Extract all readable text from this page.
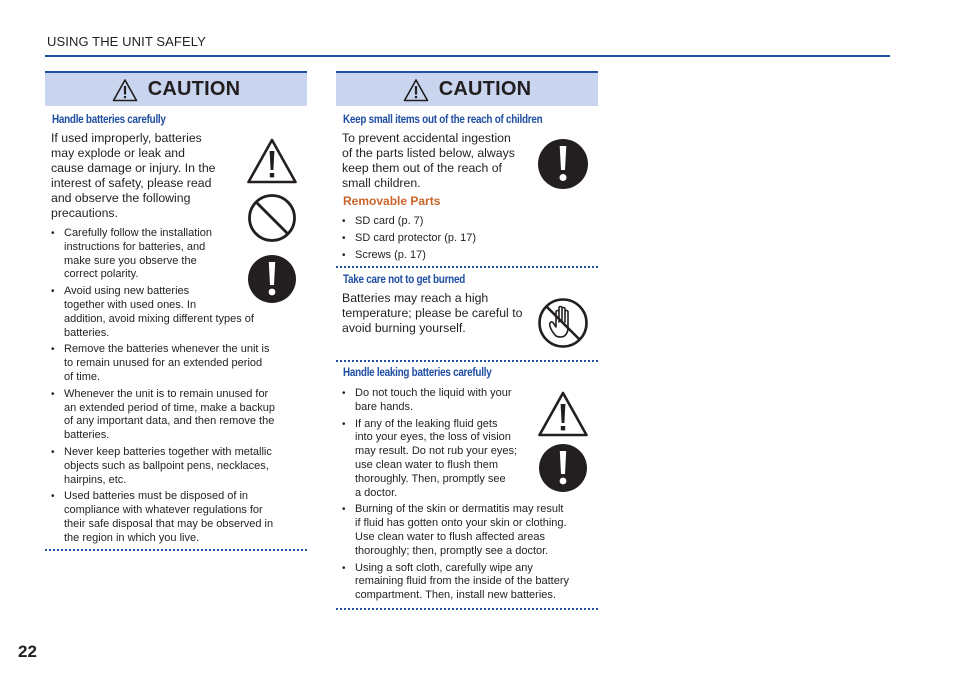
USING THE UNIT SAFELY
CAUTION
Handle batteries carefully
If used improperly, batteries
may explode or leak and
cause damage or injury. In the
interest of safety, please read
and observe the following
precautions.
• Carefully follow the installation
instructions for batteries, and
make sure you observe the
correct polarity.
• Avoid using new batteries
together with used ones. In
addition, avoid mixing different types of
batteries.
• Remove the batteries whenever the unit is
to remain unused for an extended period
of time.
• Whenever the unit is to remain unused for
an extended period of time, make a backup
of any important data, and then remove the
batteries.
• Never keep batteries together with metallic
objects such as ballpoint pens, necklaces,
hairpins, etc.
• Used batteries must be disposed of in
compliance with whatever regulations for
their safe disposal that may be observed in
the region in which you live.
CAUTION
Keep small items out of the reach of children
To prevent accidental ingestion
of the parts listed below, always
keep them out of the reach of
small children.
Removable Parts
• SD card (p. 7)
• SD card protector (p. 17)
• Screws (p. 17)
Take care not to get burned
Batteries may reach a high
temperature; please be careful to
avoid burning yourself.
Handle leaking batteries carefully
• Do not touch the liquid with your
bare hands.
• If any of the leaking fluid gets
into your eyes, the loss of vision
may result. Do not rub your eyes;
use clean water to flush them
thoroughly. Then, promptly see
a doctor.
• Burning of the skin or dermatitis may result
if fluid has gotten onto your skin or clothing.
Use clean water to flush affected areas
thoroughly; then, promptly see a doctor.
• Using a soft cloth, carefully wipe any
remaining fluid from the inside of the battery
compartment. Then, install new batteries.
22
